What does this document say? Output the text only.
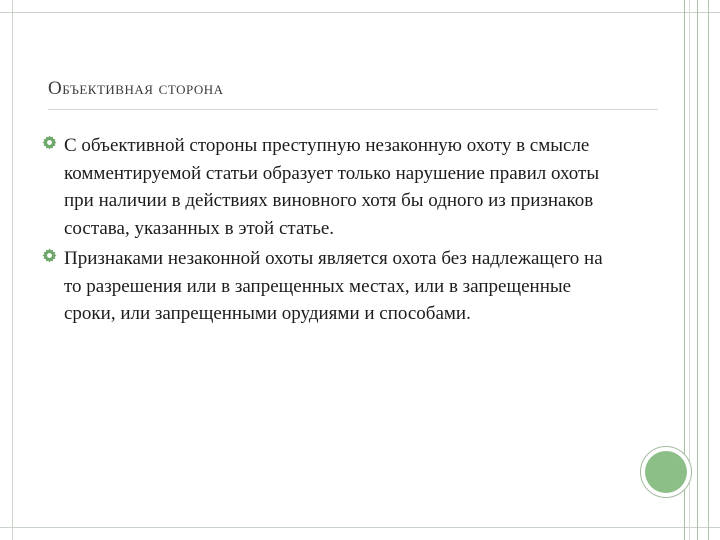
Объективная сторона
С объективной стороны преступную незаконную охоту в смысле комментируемой статьи образует только нарушение правил охоты при наличии в действиях виновного хотя бы одного из признаков состава, указанных в этой статье.
Признаками незаконной охоты является охота без надлежащего на то разрешения или в запрещенных местах, или в запрещенные сроки, или запрещенными орудиями и способами.
